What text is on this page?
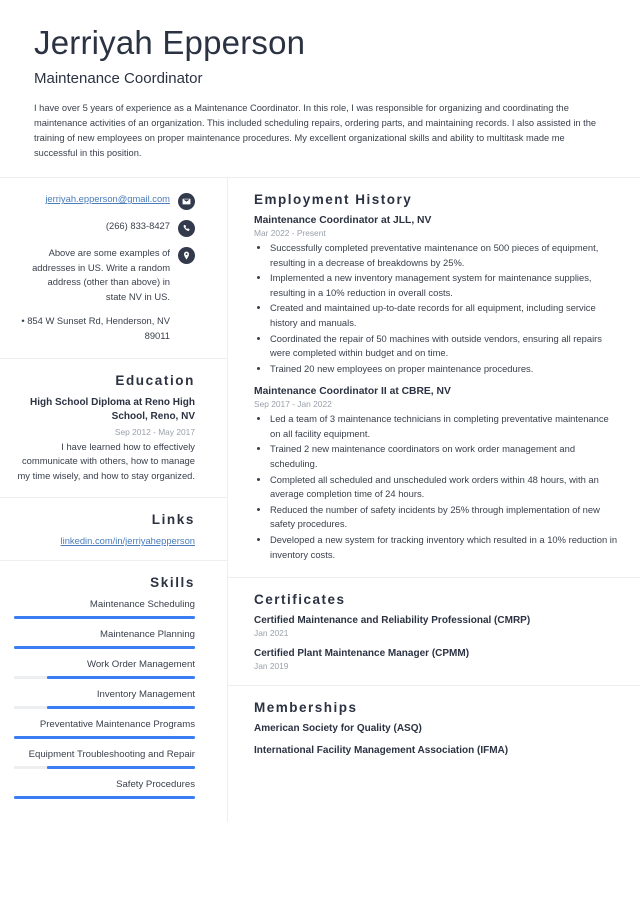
Jerriyah Epperson
Maintenance Coordinator

I have over 5 years of experience as a Maintenance Coordinator. In this role, I was responsible for organizing and coordinating the maintenance activities of an organization. This included scheduling repairs, ordering parts, and maintaining records. I also assisted in the training of new employees on proper maintenance procedures. My excellent organizational skills and ability to multitask made me successful in this position.

jerriyah.epperson@gmail.com
(266) 833-8427
Above are some examples of addresses in US. Write a random address (other than above) in state NV in US.
• 854 W Sunset Rd, Henderson, NV 89011
Education
High School Diploma at Reno High School, Reno, NV
Sep 2012 - May 2017
I have learned how to effectively communicate with others, how to manage my time wisely, and how to stay organized.
Links
linkedin.com/in/jerriyahepperson
Skills
Maintenance Scheduling
Maintenance Planning
Work Order Management
Inventory Management
Preventative Maintenance Programs
Equipment Troubleshooting and Repair
Safety Procedures
Employment History
Maintenance Coordinator at JLL, NV
Mar 2022 - Present
• Successfully completed preventative maintenance on 500 pieces of equipment, resulting in a decrease of breakdowns by 25%.
• Implemented a new inventory management system for maintenance supplies, resulting in a 10% reduction in overall costs.
• Created and maintained up-to-date records for all equipment, including service history and manuals.
• Coordinated the repair of 50 machines with outside vendors, ensuring all repairs were completed within budget and on time.
• Trained 20 new employees on proper maintenance procedures.
Maintenance Coordinator II at CBRE, NV
Sep 2017 - Jan 2022
• Led a team of 3 maintenance technicians in completing preventative maintenance on all facility equipment.
• Trained 2 new maintenance coordinators on work order management and scheduling.
• Completed all scheduled and unscheduled work orders within 48 hours, with an average completion time of 24 hours.
• Reduced the number of safety incidents by 25% through implementation of new safety procedures.
• Developed a new system for tracking inventory which resulted in a 10% reduction in inventory costs.
Certificates
Certified Maintenance and Reliability Professional (CMRP)
Jan 2021
Certified Plant Maintenance Manager (CPMM)
Jan 2019
Memberships
American Society for Quality (ASQ)
International Facility Management Association (IFMA)
